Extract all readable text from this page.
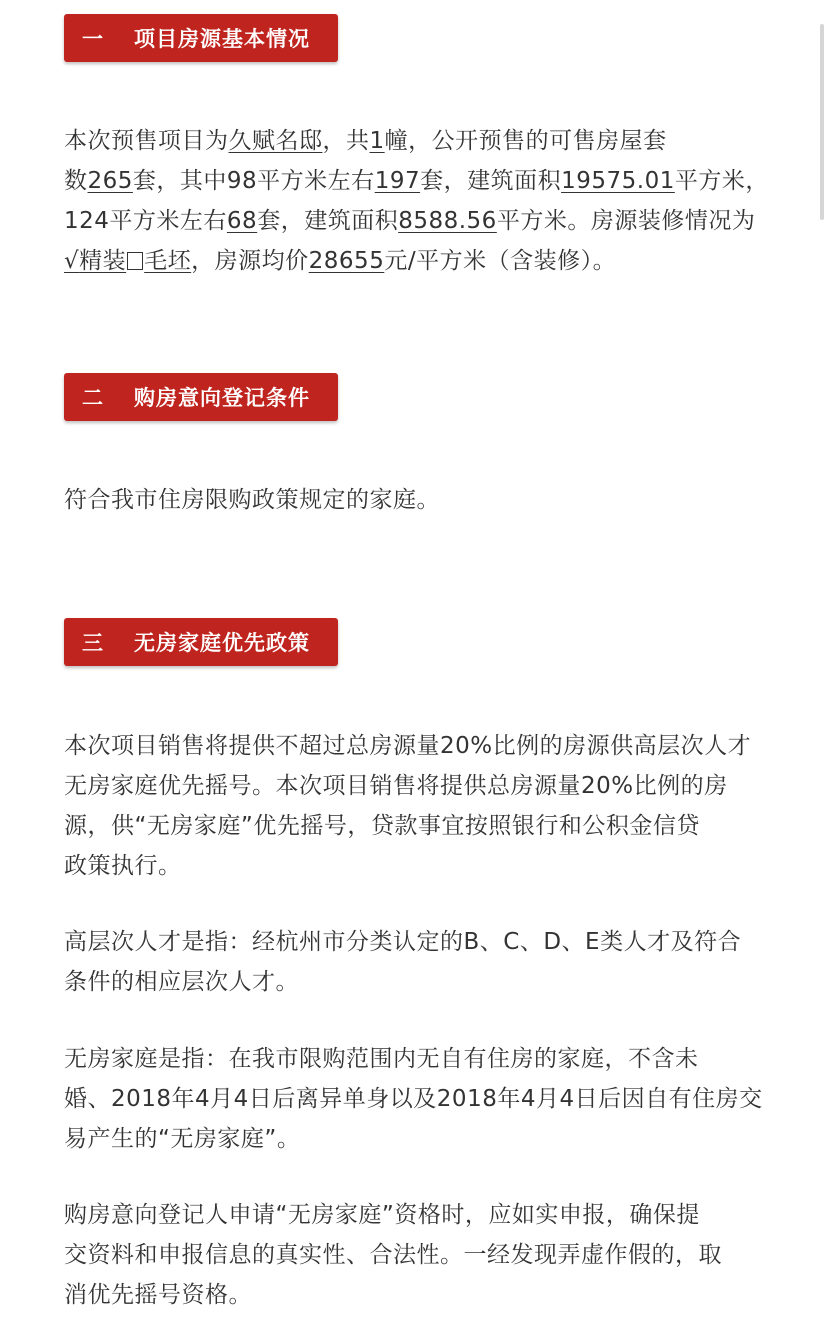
一	项目房源基本情况
本次预售项目为久赋名邸，共1幢，公开预售的可售房屋套
数265套，其中98平方米左右197套，建筑面积19575.01平方米，
124平方米左右68套，建筑面积8588.56平方米。房源装修情况为
√精装 毛坯，房源均价28655元/平方米（含装修）。
二	购房意向登记条件
符合我市住房限购政策规定的家庭。
三	无房家庭优先政策
本次项目销售将提供不超过总房源量20%比例的房源供高层次人才
无房家庭优先摇号。本次项目销售将提供总房源量20%比例的房
源，供“无房家庭”优先摇号，贷款事宜按照银行和公积金信贷
政策执行。
高层次人才是指：经杭州市分类认定的B、C、D、E类人才及符合
条件的相应层次人才。
无房家庭是指：在我市限购范围内无自有住房的家庭，不含未
婚、2018年4月4日后离异单身以及2018年4月4日后因自有住房交
易产生的“无房家庭”。
购房意向登记人申请“无房家庭”资格时，应如实申报，确保提
交资料和申报信息的真实性、合法性。一经发现弄虚作假的，取
消优先摇号资格。
